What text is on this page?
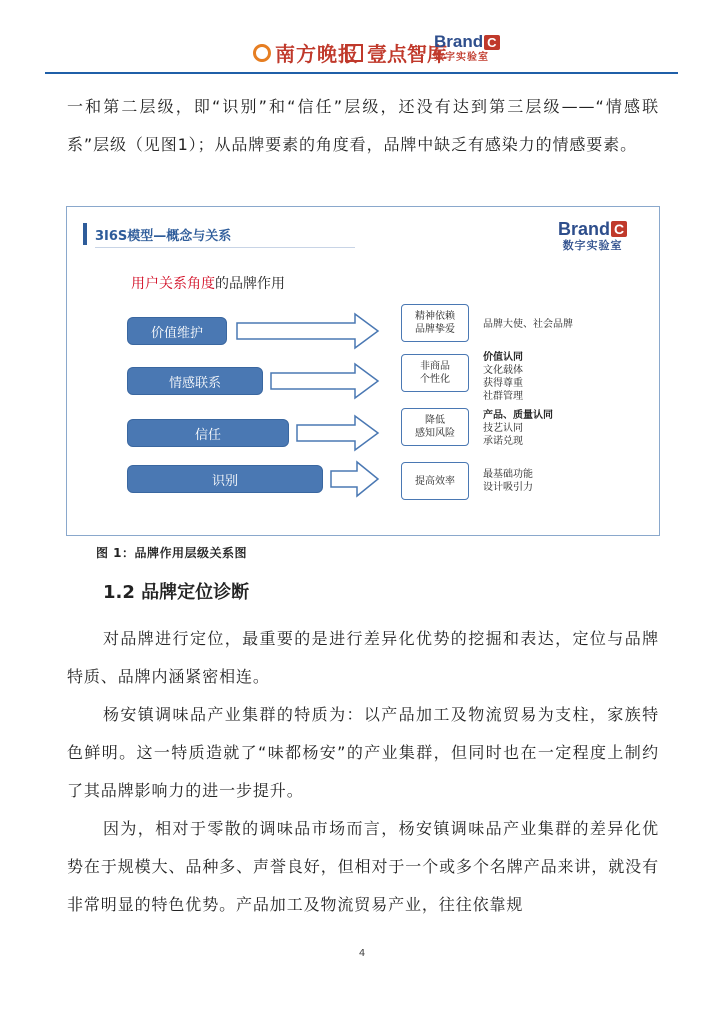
南方晚报 壹点智库
Brand C
数字实验室
一和第二层级，即“识别”和“信任”层级，还没有达到第三层级——“情感联系”层级（见图1）；从品牌要素的角度看，品牌中缺乏有感染力的情感要素。
3I6S模型—概念与关系	Brand C
数字实验室
用户关系角度的品牌作用
价值维护
精神依赖
品牌挚爱	品牌大使、社会品牌
情感联系
非商品
个性化
价值认同
文化载体
获得尊重
社群管理
信任
降低
感知风险
产品、质量认同
技艺认同
承诺兑现
识别	提高效率
最基础功能
设计吸引力
图 1：品牌作用层级关系图
1.2 品牌定位诊断
对品牌进行定位，最重要的是进行差异化优势的挖掘和表达，定位与品牌特质、品牌内涵紧密相连。
杨安镇调味品产业集群的特质为：以产品加工及物流贸易为支柱，家族特色鲜明。这一特质造就了“味都杨安”的产业集群，但同时也在一定程度上制约了其品牌影响力的进一步提升。
因为，相对于零散的调味品市场而言，杨安镇调味品产业集群的差异化优势在于规模大、品种多、声誉良好，但相对于一个或多个名牌产品来讲，就没有非常明显的特色优势。产品加工及物流贸易产业，往往依靠规
4
